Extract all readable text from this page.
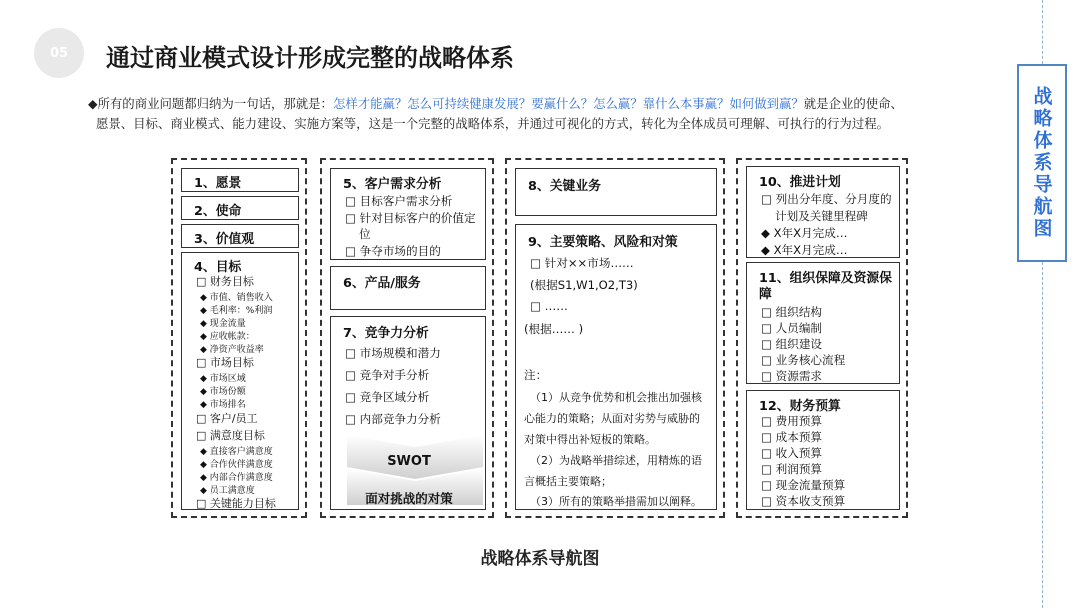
05	通过商业模式设计形成完整的战略体系
◆所有的商业问题都归纳为一句话，那就是：怎样才能赢？怎么可持续健康发展？要赢什么？怎么赢？靠什么本事赢？如何做到赢？就是企业的使命、
愿景、目标、商业模式、能力建设、实施方案等，这是一个完整的战略体系，并通过可视化的方式，转化为全体成员可理解、可执行的行为过程。	战略体系导航图
1、愿景
2、使命
3、价值观
4、目标
□ 财务目标
◆ 市值、销售收入
◆ 毛利率：%利润
◆ 现金流量
◆ 应收帐款：
◆ 净资产收益率
□ 市场目标
◆ 市场区域
◆ 市场份额
◆ 市场排名
□ 客户/员工
□ 满意度目标
◆ 直接客户满意度
◆ 合作伙伴满意度
◆ 内部合作满意度
◆ 员工满意度
□ 关键能力目标
5、客户需求分析
□ 目标客户需求分析
□ 针对目标客户的价值定
位
□ 争夺市场的目的
6、产品/服务
7、竞争力分析
□ 市场规模和潜力
□ 竞争对手分析
□ 竞争区域分析
□ 内部竞争力分析
SWOT
面对挑战的对策
8、关键业务
9、主要策略、风险和对策
□ 针对××市场……
(根据S1,W1,O2,T3)
□ ……
(根据…… )
注：
（1）从竞争优势和机会推出加强核
心能力的策略；从面对劣势与威胁的
对策中得出补短板的策略。
（2）为战略举措综述，用精炼的语
言概括主要策略；
（3）所有的策略举措需加以阐释。
10、推进计划
□ 列出分年度、分月度的
计划及关键里程碑
◆ X年X月完成…
◆ X年X月完成…
11、组织保障及资源保
障
□ 组织结构
□ 人员编制
□ 组织建设
□ 业务核心流程
□ 资源需求
12、财务预算
□ 费用预算
□ 成本预算
□ 收入预算
□ 利润预算
□ 现金流量预算
□ 资本收支预算
战略体系导航图
